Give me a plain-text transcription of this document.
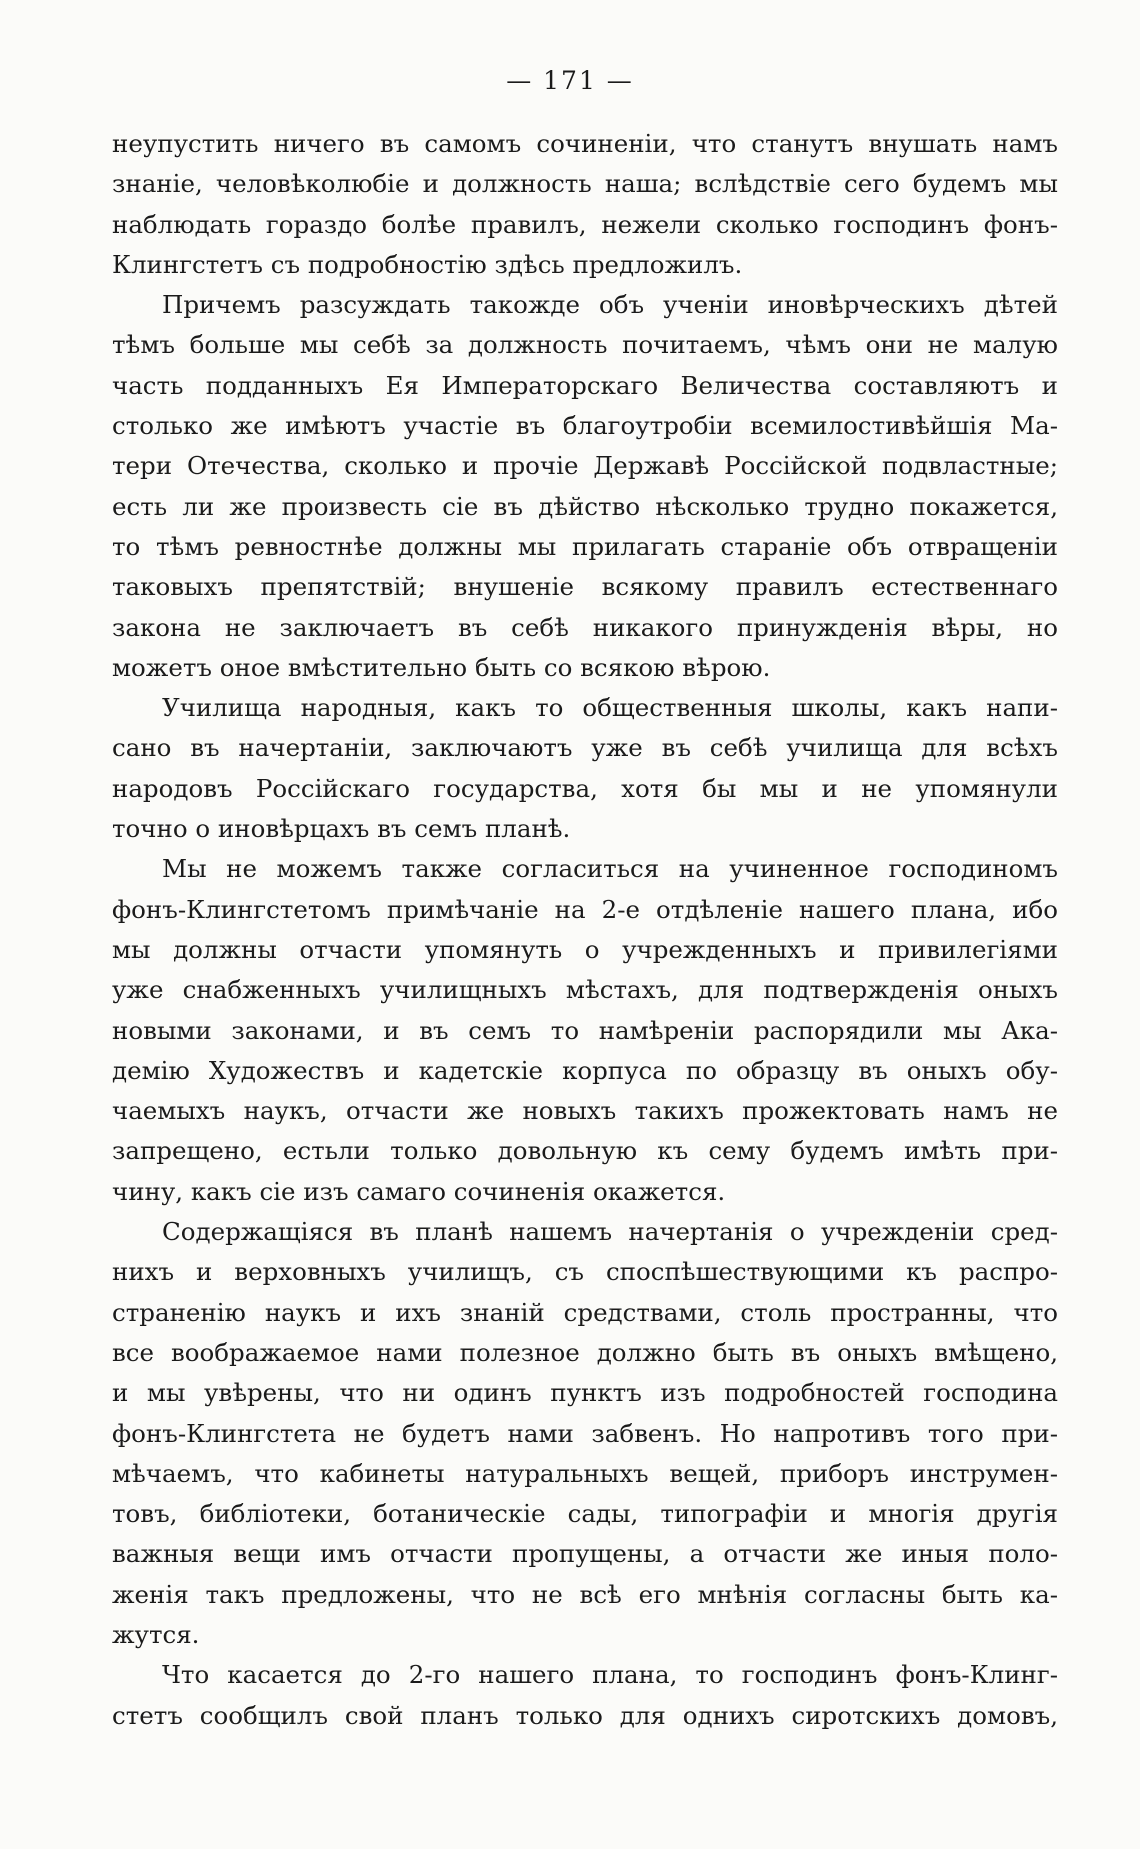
— 171 —
неупустить ничего въ самомъ сочиненіи, что станутъ внушать намъ
знаніе, человѣколюбіе и должность наша; вслѣдствіе сего будемъ мы
наблюдать гораздо болѣе правилъ, нежели сколько господинъ фонъ-
Клингстетъ съ подробностію здѣсь предложилъ.
Причемъ разсуждать такожде объ ученіи иновѣрческихъ дѣтей
тѣмъ больше мы себѣ за должность почитаемъ, чѣмъ они не малую
часть подданныхъ Ея Императорскаго Величества составляютъ и
столько же имѣютъ участіе въ благоутробіи всемилостивѣйшія Ма-
тери Отечества, сколько и прочіе Державѣ Россійской подвластные;
есть ли же произвесть сіе въ дѣйство нѣсколько трудно покажется,
то тѣмъ ревностнѣе должны мы прилагать стараніе объ отвращеніи
таковыхъ препятствій; внушеніе всякому правилъ естественнаго
закона не заключаетъ въ себѣ никакого принужденія вѣры, но
можетъ оное вмѣстительно быть со всякою вѣрою.
Училища народныя, какъ то общественныя школы, какъ напи-
сано въ начертаніи, заключаютъ уже въ себѣ училища для всѣхъ
народовъ Россійскаго государства, хотя бы мы и не упомянули
точно о иновѣрцахъ въ семъ планѣ.
Мы не можемъ также согласиться на учиненное господиномъ
фонъ-Клингстетомъ примѣчаніе на 2-е отдѣленіе нашего плана, ибо
мы должны отчасти упомянуть о учрежденныхъ и привилегіями
уже снабженныхъ училищныхъ мѣстахъ, для подтвержденія оныхъ
новыми законами, и въ семъ то намѣреніи распорядили мы Ака-
демію Художествъ и кадетскіе корпуса по образцу въ оныхъ обу-
чаемыхъ наукъ, отчасти же новыхъ такихъ прожектовать намъ не
запрещено, естьли только довольную къ сему будемъ имѣть при-
чину, какъ сіе изъ самаго сочиненія окажется.
Содержащіяся въ планѣ нашемъ начертанія о учрежденіи сред-
нихъ и верховныхъ училищъ, съ споспѣшествующими къ распро-
страненію наукъ и ихъ знаній средствами, столь пространны, что
все воображаемое нами полезное должно быть въ оныхъ вмѣщено,
и мы увѣрены, что ни одинъ пунктъ изъ подробностей господина
фонъ-Клингстета не будетъ нами забвенъ. Но напротивъ того при-
мѣчаемъ, что кабинеты натуральныхъ вещей, приборъ инструмен-
товъ, библіотеки, ботаническіе сады, типографіи и многія другія
важныя вещи имъ отчасти пропущены, а отчасти же иныя поло-
женія такъ предложены, что не всѣ его мнѣнія согласны быть ка-
жутся.
Что касается до 2-го нашего плана, то господинъ фонъ-Клинг-
стетъ сообщилъ свой планъ только для однихъ сиротскихъ домовъ,
